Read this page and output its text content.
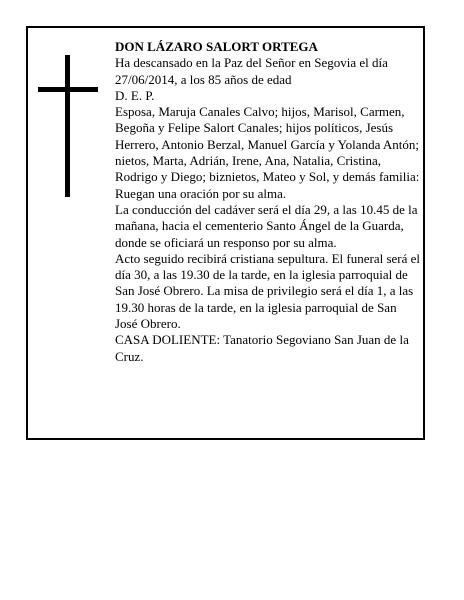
DON LÁZARO SALORT ORTEGA

Ha descansado en la Paz del Señor en Segovia el día 27/06/2014, a los 85 años de edad

D. E. P.

Esposa, Maruja Canales Calvo; hijos, Marisol, Carmen, Begoña y Felipe Salort Canales; hijos políticos, Jesús Herrero, Antonio Berzal, Manuel García y Yolanda Antón; nietos, Marta, Adrián, Irene, Ana, Natalia, Cristina, Rodrigo y Diego; biznietos, Mateo y Sol, y demás familia:

Ruegan una oración por su alma.

La conducción del cadáver será el día 29, a las 10.45 de la mañana, hacia el cementerio Santo Ángel de la Guarda, donde se oficiará un responso por su alma.

Acto seguido recibirá cristiana sepultura. El funeral será el día 30, a las 19.30 de la tarde, en la iglesia parroquial de San José Obrero. La misa de privilegio será el día 1, a las 19.30 horas de la tarde, en la iglesia parroquial de San José Obrero.

CASA DOLIENTE: Tanatorio Segoviano San Juan de la Cruz.
